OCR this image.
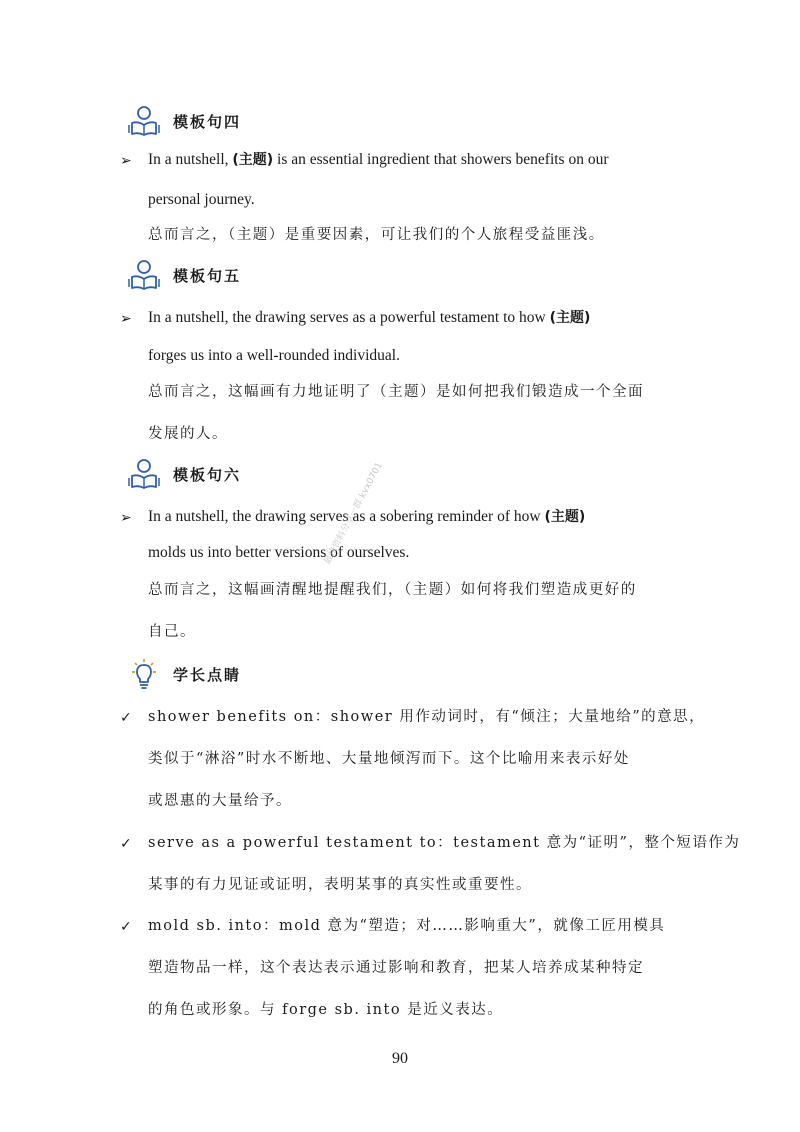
模板句四
➢	In a nutshell, (主题) is an essential ingredient that showers benefits on our
personal journey.
总而言之，（主题）是重要因素，可让我们的个人旅程受益匪浅。
模板句五
➢	In a nutshell, the drawing serves as a powerful testament to how (主题)
forges us into a well-rounded individual.
总而言之，这幅画有力地证明了（主题）是如何把我们锻造成一个全面
发展的人。
模板句六
➢	In a nutshell, the drawing serves as a sobering reminder of how (主题)
molds us into better versions of ourselves.
总而言之，这幅画清醒地提醒我们，（主题）如何将我们塑造成更好的
自己。
学长点睛
✓	shower benefits on：shower 用作动词时，有“倾注；大量地给”的意思，
类似于“淋浴”时水不断地、大量地倾泻而下。这个比喻用来表示好处
或恩惠的大量给予。
✓	serve as a powerful testament to：testament 意为“证明”，整个短语作为
某事的有力见证或证明，表明某事的真实性或重要性。
✓	mold sb. into：mold 意为“塑造；对……影响重大”，就像工匠用模具
塑造物品一样，这个表达表示通过影响和教育，把某人培养成某种特定
的角色或形象。与 forge sb. into 是近义表达。
最快资料分享一群 kvx0701
90
